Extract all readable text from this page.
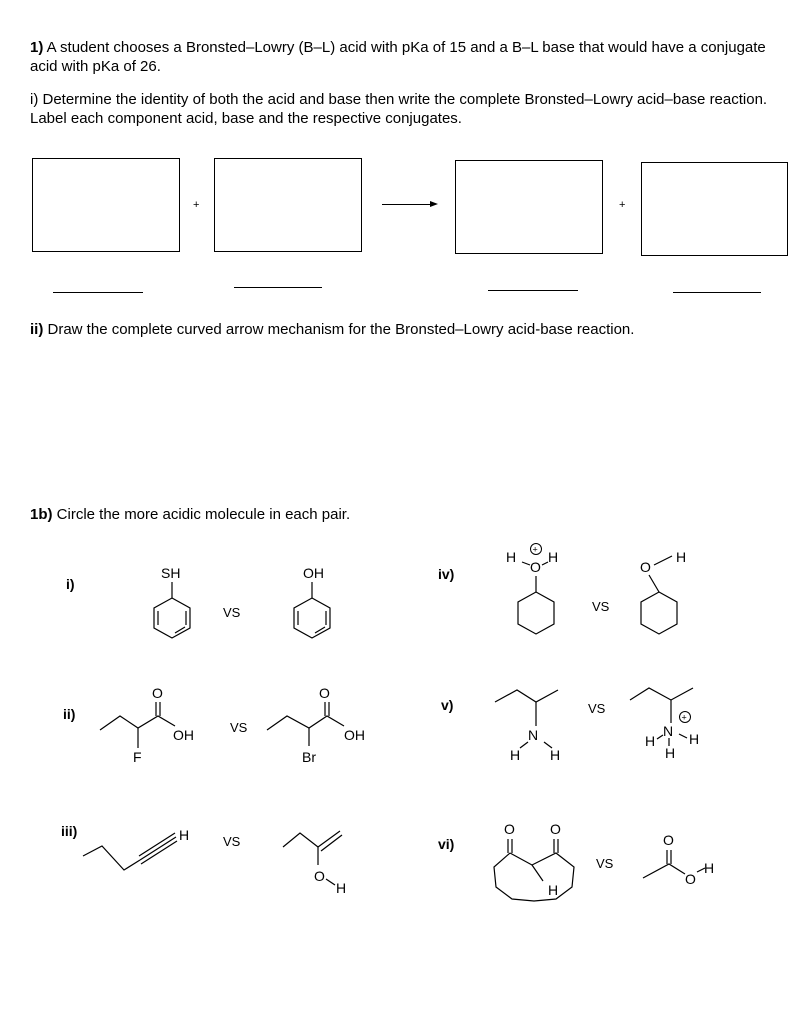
1) A student chooses a Bronsted–Lowry (B–L) acid with pKa of 15 and a B–L base that would have a conjugate acid with pKa of 26.
i) Determine the identity of both the acid and base then write the complete Bronsted–Lowry acid–base reaction. Label each component acid, base and the respective conjugates.
+	+
ii) Draw the complete curved arrow mechanism for the Bronsted–Lowry acid-base reaction.
1b) Circle the more acidic molecule in each pair.
i)
ii)
iii)
iv)
v)
vi)
VS
VS
VS
VS
VS
VS
SH	OH
O
OH
F
O
OH
Br
H
O
H
H H
O
+
O
H
N
H H
N
H H
H
+
O	O
H
O
O
H
